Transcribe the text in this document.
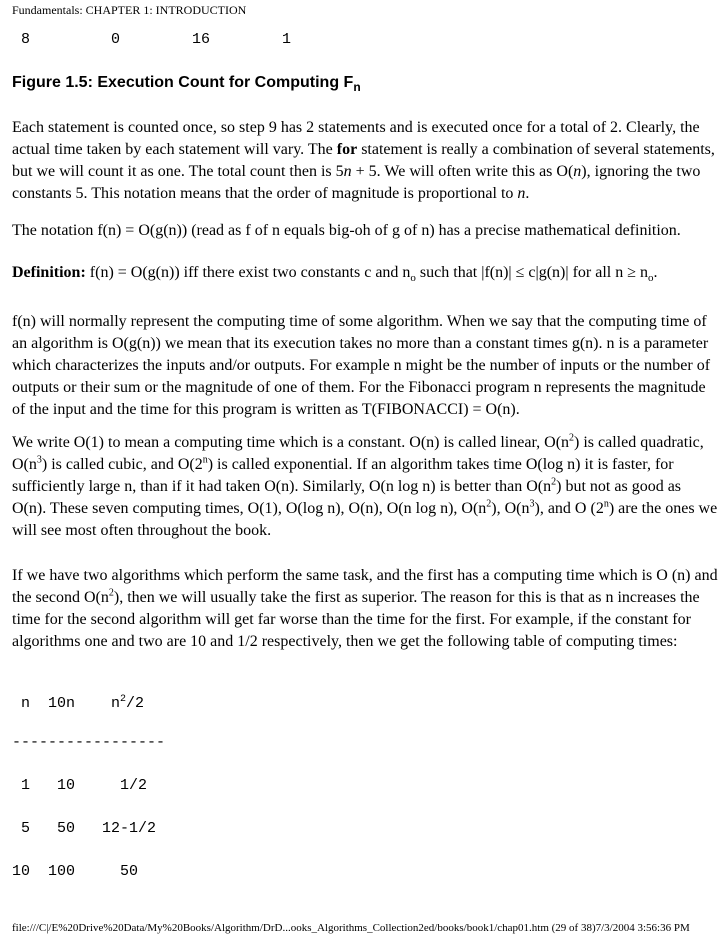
Fundamentals: CHAPTER 1: INTRODUCTION
8         0        16        1
Figure 1.5: Execution Count for Computing $F_n$

Each statement is counted once, so step 9 has 2 statements and is executed once for a total of 2. Clearly, the actual time taken by each statement will vary. The for statement is really a combination of several statements, but we will count it as one. The total count then is 5n + 5. We will often write this as O(n), ignoring the two constants 5. This notation means that the order of magnitude is proportional to n.

The notation f(n) = O(g(n)) (read as f of n equals big-oh of g of n) has a precise mathematical definition.

Definition: f(n) = O(g(n)) iff there exist two constants c and $n_o$ such that |f(n)| ≤ c|g(n)| for all $n \ge n_o$.

f(n) will normally represent the computing time of some algorithm. When we say that the computing time of an algorithm is O(g(n)) we mean that its execution takes no more than a constant times g(n). n is a parameter which characterizes the inputs and/or outputs. For example n might be the number of inputs or the number of outputs or their sum or the magnitude of one of them. For the Fibonacci program n represents the magnitude of the input and the time for this program is written as T(FIBONACCI) = O(n).

We write O(1) to mean a computing time which is a constant. O(n) is called linear, $O(n^2)$ is called quadratic, $O(n^3)$ is called cubic, and O(2$^n$) is called exponential. If an algorithm takes time O(log n) it is faster, for sufficiently large n, than if it had taken O(n). Similarly, O(n log n) is better than $O(n^2)$ but not as good as O(n). These seven computing times, O(1), O(log n), O(n), O(n log n), $O(n^2)$, $O(n^3)$, and O (2$^n$) are the ones we will see most often throughout the book.

If we have two algorithms which perform the same task, and the first has a computing time which is O (n) and the second $O(n^2)$, then we will usually take the first as superior. The reason for this is that as n increases the time for the second algorithm will get far worse than the time for the first. For example, if the constant for algorithms one and two are 10 and 1/2 respectively, then we get the following table of computing times:

n  10n    $n^2/2$
-----------------
1   10     1/2
5   50   12-1/2
10  100     50
file:///C|/E%20Drive%20Data/My%20Books/Algorithm/DrD...ooks_Algorithms_Collection2ed/books/book1/chap01.htm (29 of 38)7/3/2004 3:56:36 PM
